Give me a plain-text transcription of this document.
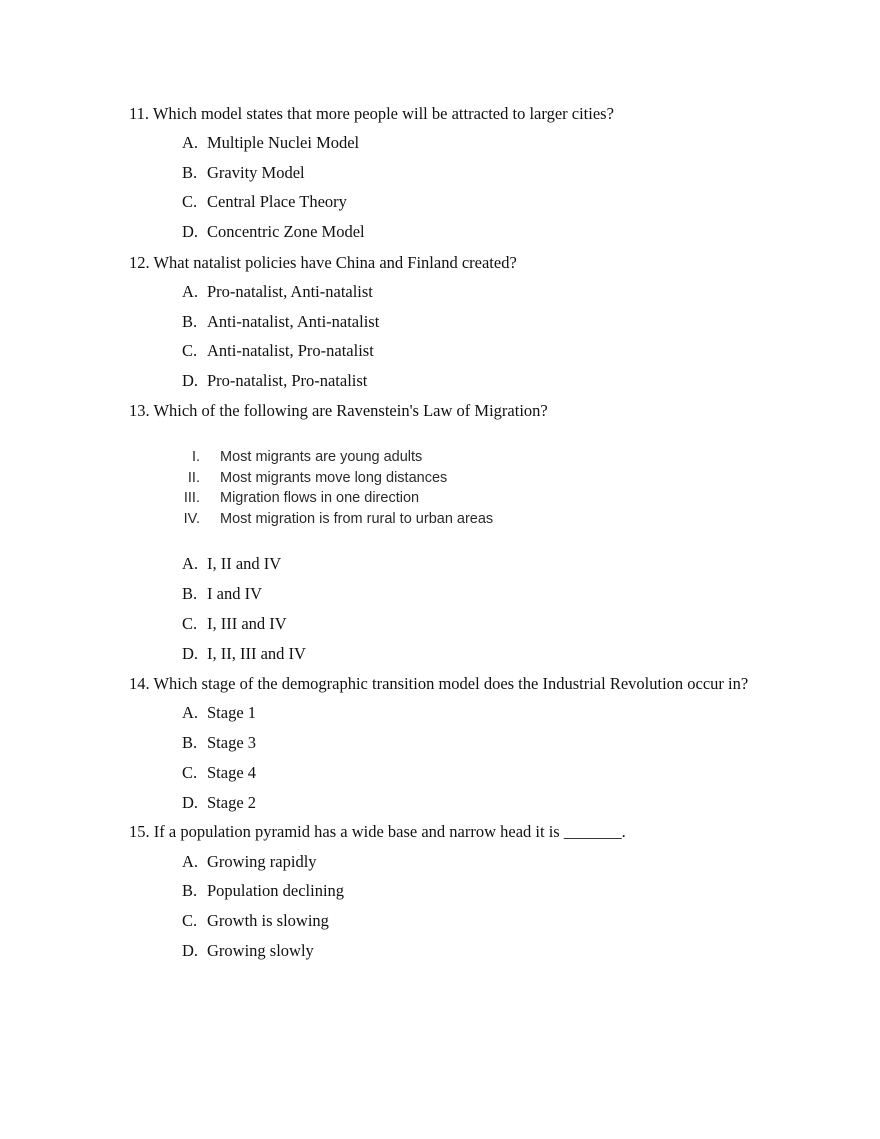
11. Which model states that more people will be attracted to larger cities?
A. Multiple Nuclei Model
B. Gravity Model
C. Central Place Theory
D. Concentric Zone Model
12. What natalist policies have China and Finland created?
A. Pro-natalist, Anti-natalist
B. Anti-natalist, Anti-natalist
C. Anti-natalist, Pro-natalist
D. Pro-natalist, Pro-natalist
13. Which of the following are Ravenstein's Law of Migration?
I. Most migrants are young adults
II. Most migrants move long distances
III. Migration flows in one direction
IV. Most migration is from rural to urban areas
A. I, II and IV
B. I and IV
C. I, III and IV
D. I, II, III and IV
14. Which stage of the demographic transition model does the Industrial Revolution occur in?
A. Stage 1
B. Stage 3
C. Stage 4
D. Stage 2
15. If a population pyramid has a wide base and narrow head it is _______.
A. Growing rapidly
B. Population declining
C. Growth is slowing
D. Growing slowly
